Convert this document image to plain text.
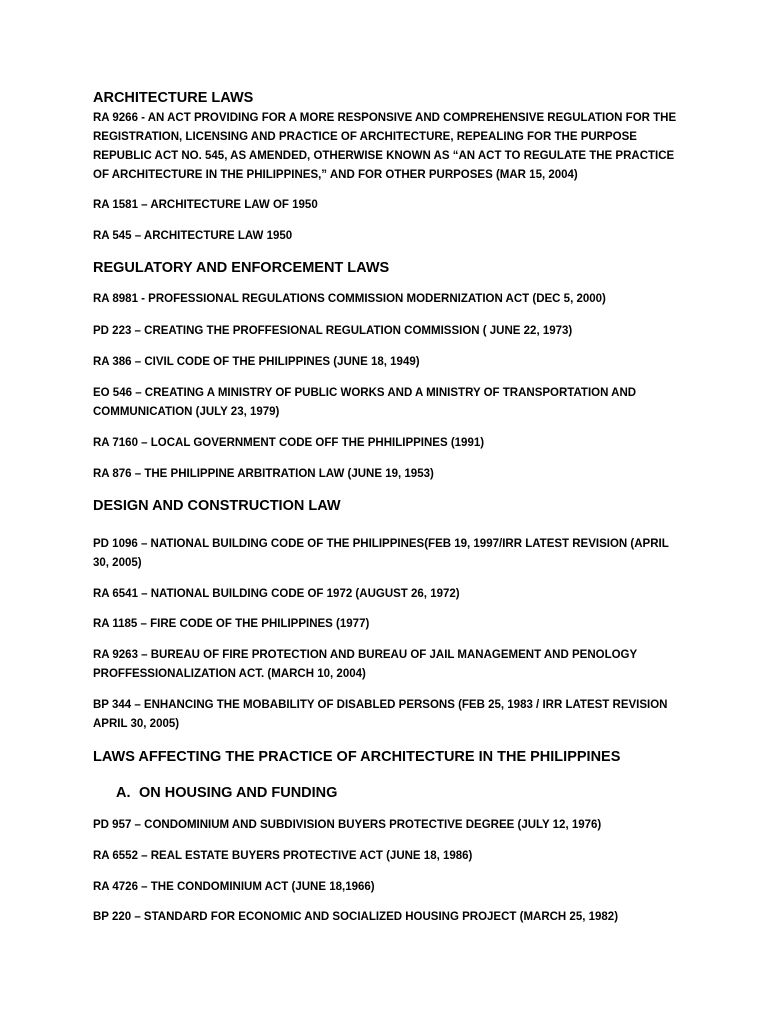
ARCHITECTURE LAWS

RA 9266 - AN ACT PROVIDING FOR A MORE RESPONSIVE AND COMPREHENSIVE REGULATION FOR THE REGISTRATION, LICENSING AND PRACTICE OF ARCHITECTURE, REPEALING FOR THE PURPOSE REPUBLIC ACT NO. 545, AS AMENDED, OTHERWISE KNOWN AS “AN ACT TO REGULATE THE PRACTICE OF ARCHITECTURE IN THE PHILIPPINES,” AND FOR OTHER PURPOSES (MAR 15, 2004)

RA 1581 – ARCHITECTURE LAW OF 1950

RA 545 – ARCHITECTURE LAW 1950

REGULATORY AND ENFORCEMENT LAWS

RA 8981 - PROFESSIONAL REGULATIONS COMMISSION MODERNIZATION ACT (DEC 5, 2000)

PD 223 – CREATING THE PROFFESIONAL REGULATION COMMISSION ( JUNE 22, 1973)

RA 386 – CIVIL CODE OF THE PHILIPPINES (JUNE 18, 1949)

EO 546 – CREATING A MINISTRY OF PUBLIC WORKS AND A MINISTRY OF TRANSPORTATION AND COMMUNICATION (JULY 23, 1979)

RA 7160 – LOCAL GOVERNMENT CODE OFF THE PHHILIPPINES (1991)

RA 876 – THE PHILIPPINE ARBITRATION LAW (JUNE 19, 1953)

DESIGN AND CONSTRUCTION LAW

PD 1096 – NATIONAL BUILDING CODE OF THE PHILIPPINES(FEB 19, 1997/IRR LATEST REVISION (APRIL 30, 2005)

RA 6541 – NATIONAL BUILDING CODE OF 1972 (AUGUST 26, 1972)

RA 1185 – FIRE CODE OF THE PHILIPPINES (1977)

RA 9263 – BUREAU OF FIRE PROTECTION AND BUREAU OF JAIL MANAGEMENT AND PENOLOGY PROFFESSIONALIZATION ACT. (MARCH 10, 2004)

BP 344 – ENHANCING THE MOBABILITY OF DISABLED PERSONS (FEB 25, 1983 / IRR LATEST REVISION APRIL 30, 2005)

LAWS AFFECTING THE PRACTICE OF ARCHITECTURE IN THE PHILIPPINES
A. ON HOUSING AND FUNDING

PD 957 – CONDOMINIUM AND SUBDIVISION BUYERS PROTECTIVE DEGREE (JULY 12, 1976)

RA 6552 – REAL ESTATE BUYERS PROTECTIVE ACT (JUNE 18, 1986)

RA 4726 – THE CONDOMINIUM ACT (JUNE 18,1966)

BP 220 – STANDARD FOR ECONOMIC AND SOCIALIZED HOUSING PROJECT (MARCH 25, 1982)
